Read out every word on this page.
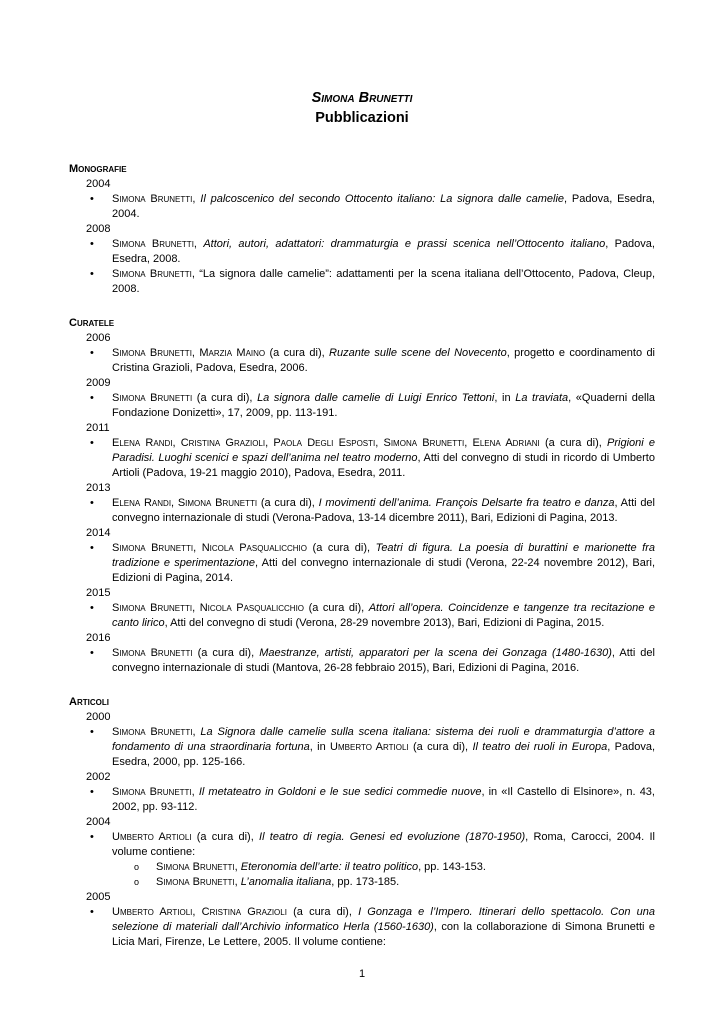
Simona Brunetti
Pubblicazioni
Monografie
2004
• Simona Brunetti, Il palcoscenico del secondo Ottocento italiano: La signora dalle camelie, Padova, Esedra, 2004.
2008
• Simona Brunetti, Attori, autori, adattatori: drammaturgia e prassi scenica nell’Ottocento italiano, Padova, Esedra, 2008.
• Simona Brunetti, “La signora dalle camelie”: adattamenti per la scena italiana dell’Ottocento, Padova, Cleup, 2008.
Curatele
2006
• Simona Brunetti, Marzia Maino (a cura di), Ruzante sulle scene del Novecento, progetto e coordinamento di Cristina Grazioli, Padova, Esedra, 2006.
2009
• Simona Brunetti (a cura di), La signora dalle camelie di Luigi Enrico Tettoni, in La traviata, «Quaderni della Fondazione Donizetti», 17, 2009, pp. 113-191.
2011
• Elena Randi, Cristina Grazioli, Paola Degli Esposti, Simona Brunetti, Elena Adriani (a cura di), Prigioni e Paradisi. Luoghi scenici e spazi dell’anima nel teatro moderno, Atti del convegno di studi in ricordo di Umberto Artioli (Padova, 19-21 maggio 2010), Padova, Esedra, 2011.
2013
• Elena Randi, Simona Brunetti (a cura di), I movimenti dell’anima. François Delsarte fra teatro e danza, Atti del convegno internazionale di studi (Verona-Padova, 13-14 dicembre 2011), Bari, Edizioni di Pagina, 2013.
2014
• Simona Brunetti, Nicola Pasqualicchio (a cura di), Teatri di figura. La poesia di burattini e marionette fra tradizione e sperimentazione, Atti del convegno internazionale di studi (Verona, 22-24 novembre 2012), Bari, Edizioni di Pagina, 2014.
2015
• Simona Brunetti, Nicola Pasqualicchio (a cura di), Attori all’opera. Coincidenze e tangenze tra recitazione e canto lirico, Atti del convegno di studi (Verona, 28-29 novembre 2013), Bari, Edizioni di Pagina, 2015.
2016
• Simona Brunetti (a cura di), Maestranze, artisti, apparatori per la scena dei Gonzaga (1480-1630), Atti del convegno internazionale di studi (Mantova, 26-28 febbraio 2015), Bari, Edizioni di Pagina, 2016.
Articoli
2000
• Simona Brunetti, La Signora dalle camelie sulla scena italiana: sistema dei ruoli e drammaturgia d’attore a fondamento di una straordinaria fortuna, in Umberto Artioli (a cura di), Il teatro dei ruoli in Europa, Padova, Esedra, 2000, pp. 125-166.
2002
• Simona Brunetti, Il metateatro in Goldoni e le sue sedici commedie nuove, in «Il Castello di Elsinore», n. 43, 2002, pp. 93-112.
2004
• Umberto Artioli (a cura di), Il teatro di regia. Genesi ed evoluzione (1870-1950), Roma, Carocci, 2004. Il volume contiene:
o Simona Brunetti, Eteronomia dell’arte: il teatro politico, pp. 143-153.
o Simona Brunetti, L’anomalia italiana, pp. 173-185.
2005
• Umberto Artioli, Cristina Grazioli (a cura di), I Gonzaga e l’Impero. Itinerari dello spettacolo. Con una selezione di materiali dall’Archivio informatico Herla (1560-1630), con la collaborazione di Simona Brunetti e Licia Mari, Firenze, Le Lettere, 2005. Il volume contiene:
1
